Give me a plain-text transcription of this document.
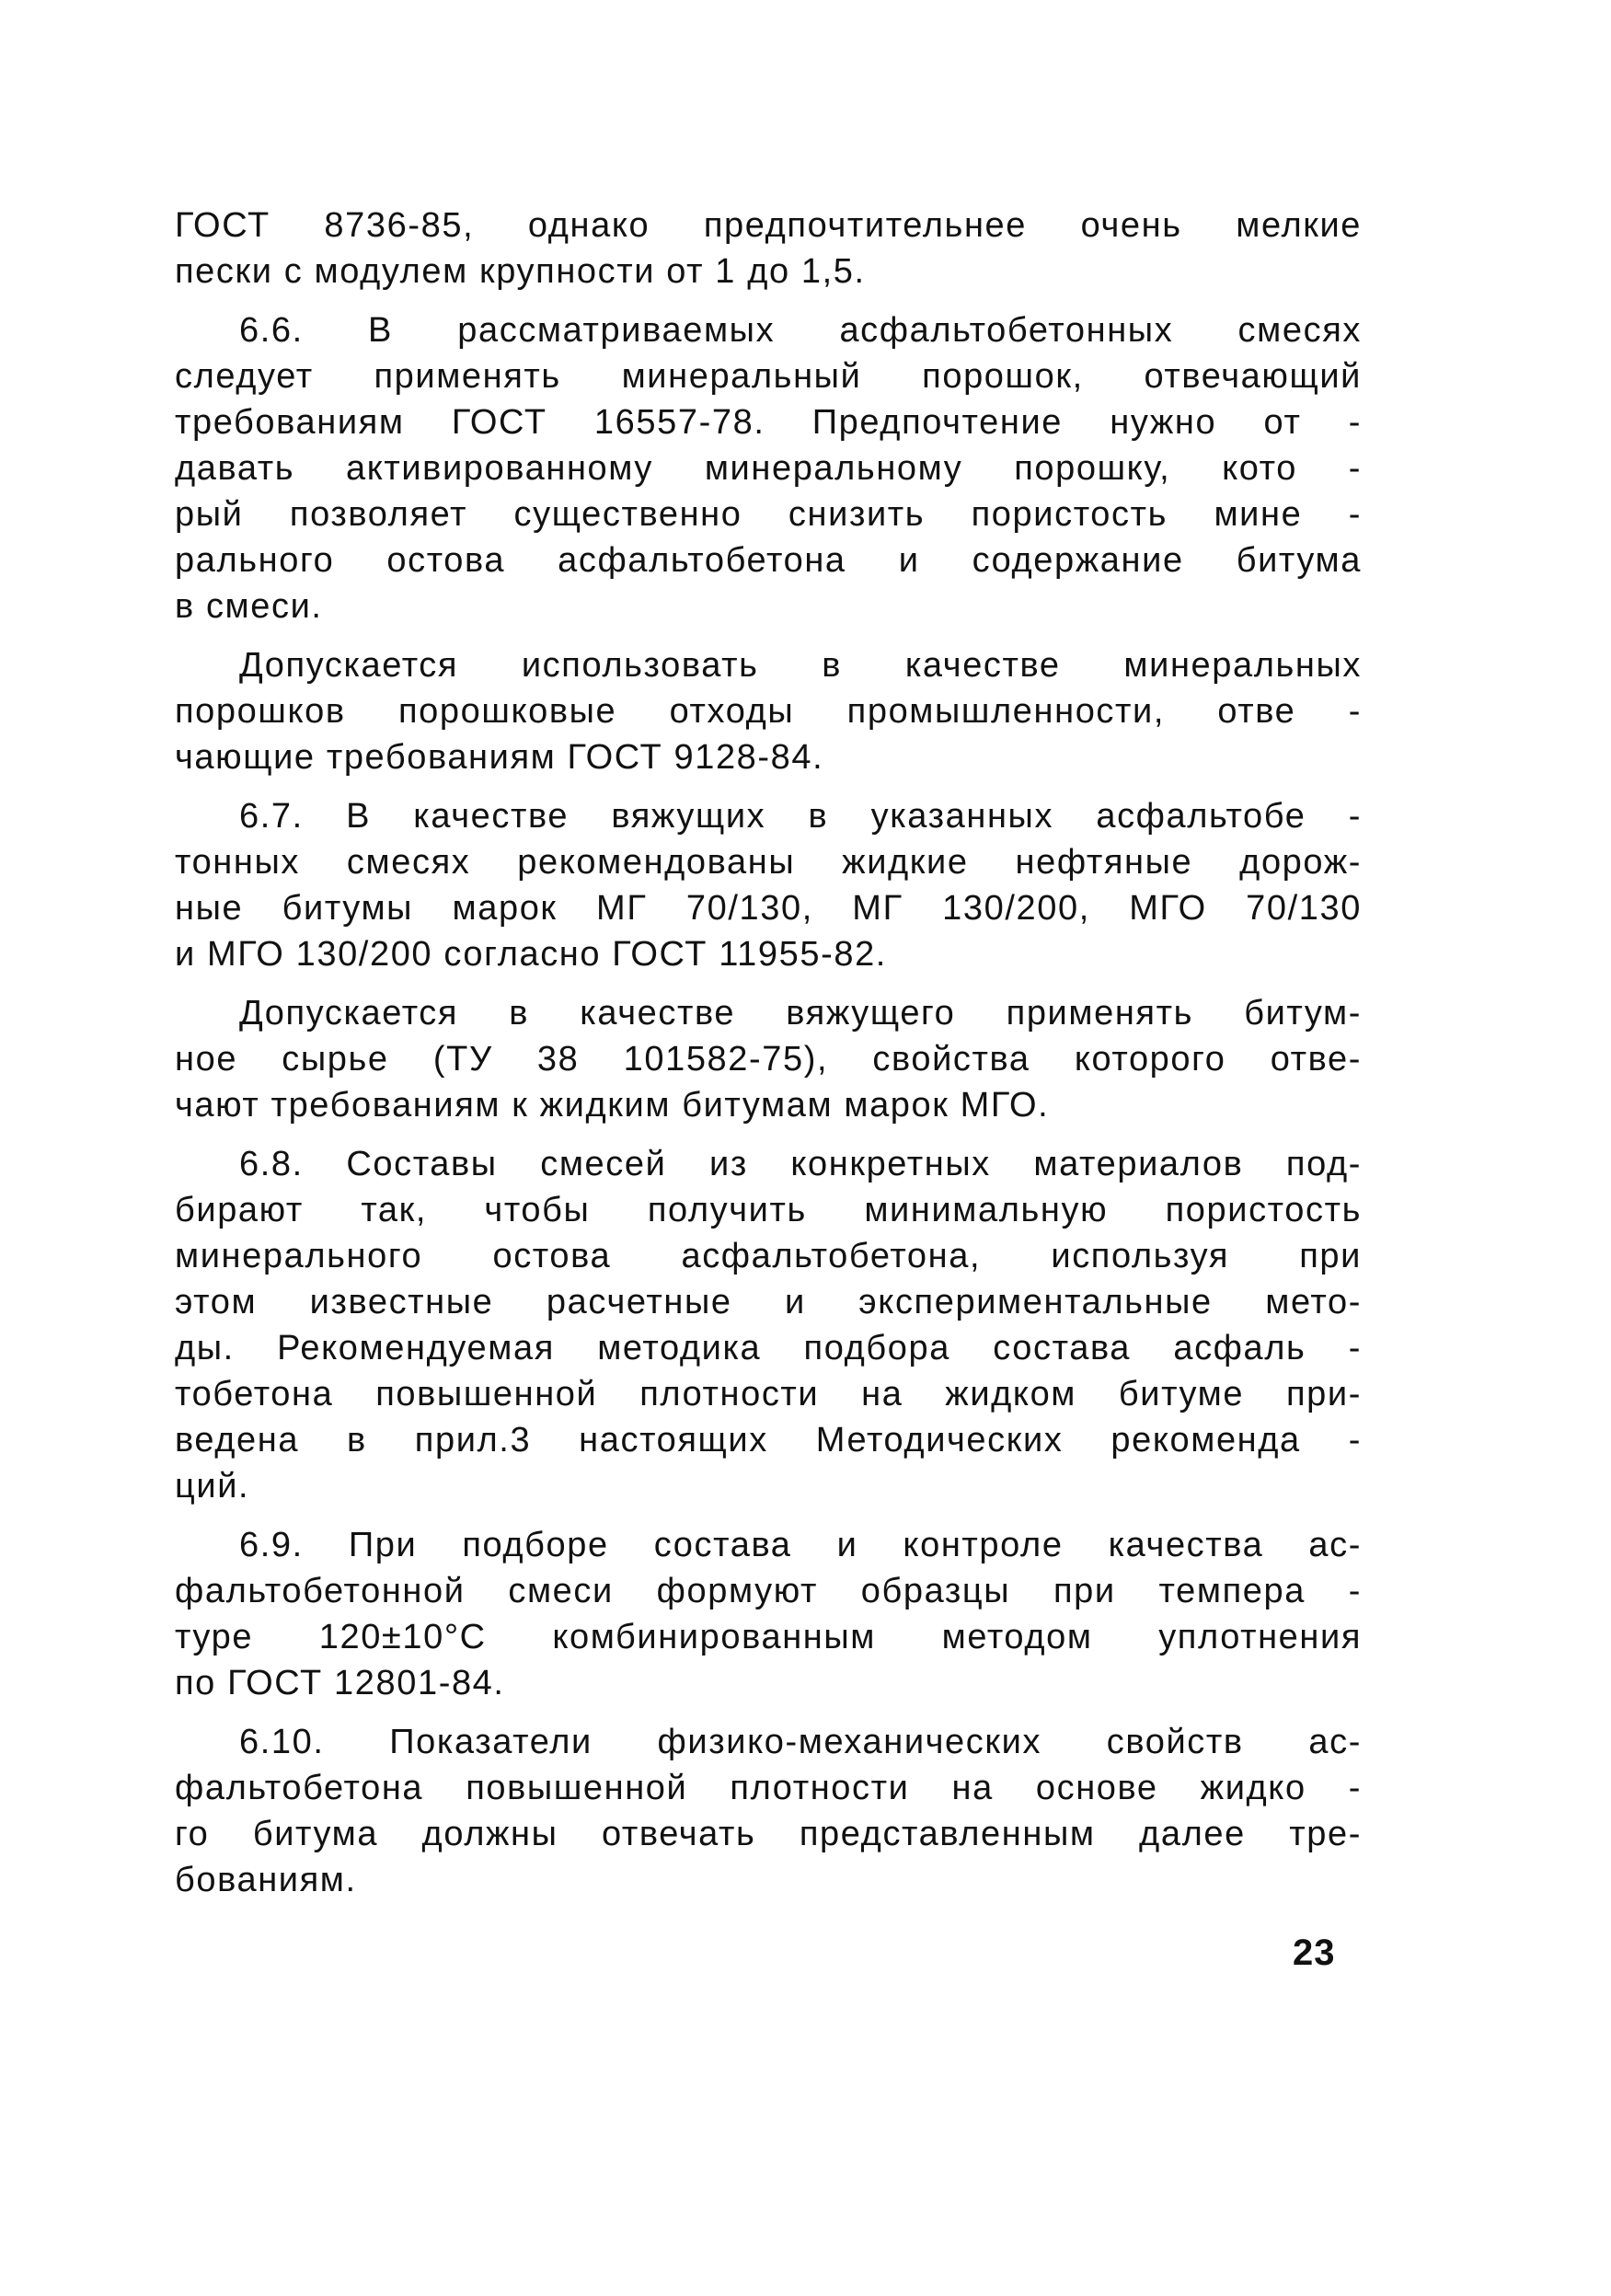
ГОСТ 8736-85, однако предпочтительнее очень мелкие
пески с модулем крупности от 1 до 1,5.
6.6. В рассматриваемых асфальтобетонных смесях
следует применять минеральный порошок, отвечающий
требованиям ГОСТ 16557-78. Предпочтение нужно от -
давать активированному минеральному порошку, кото -
рый позволяет существенно снизить пористость мине -
рального остова асфальтобетона и содержание битума
в смеси.
Допускается использовать в качестве минеральных
порошков порошковые отходы промышленности, отве -
чающие требованиям ГОСТ 9128-84.
6.7. В качестве вяжущих в указанных асфальтобе -
тонных смесях рекомендованы жидкие нефтяные дорож-
ные битумы марок МГ 70/130, МГ 130/200, МГО 70/130
и МГО 130/200 согласно ГОСТ 11955-82.
Допускается в качестве вяжущего применять битум-
ное сырье (ТУ 38 101582-75), свойства которого отве-
чают требованиям к жидким битумам марок МГО.
6.8. Составы смесей из конкретных материалов под-
бирают так, чтобы получить минимальную пористость
минерального остова асфальтобетона, используя при
этом известные расчетные и экспериментальные мето-
ды. Рекомендуемая методика подбора состава асфаль -
тобетона повышенной плотности на жидком битуме при-
ведена в прил.3 настоящих Методических рекоменда -
ций.
6.9. При подборе состава и контроле качества ас-
фальтобетонной смеси формуют образцы при темпера -
туре 120±10°С комбинированным методом уплотнения
по ГОСТ 12801-84.
6.10. Показатели физико-механических свойств ас-
фальтобетона повышенной плотности на основе жидко -
го битума должны отвечать представленным далее тре-
бованиям.
23
